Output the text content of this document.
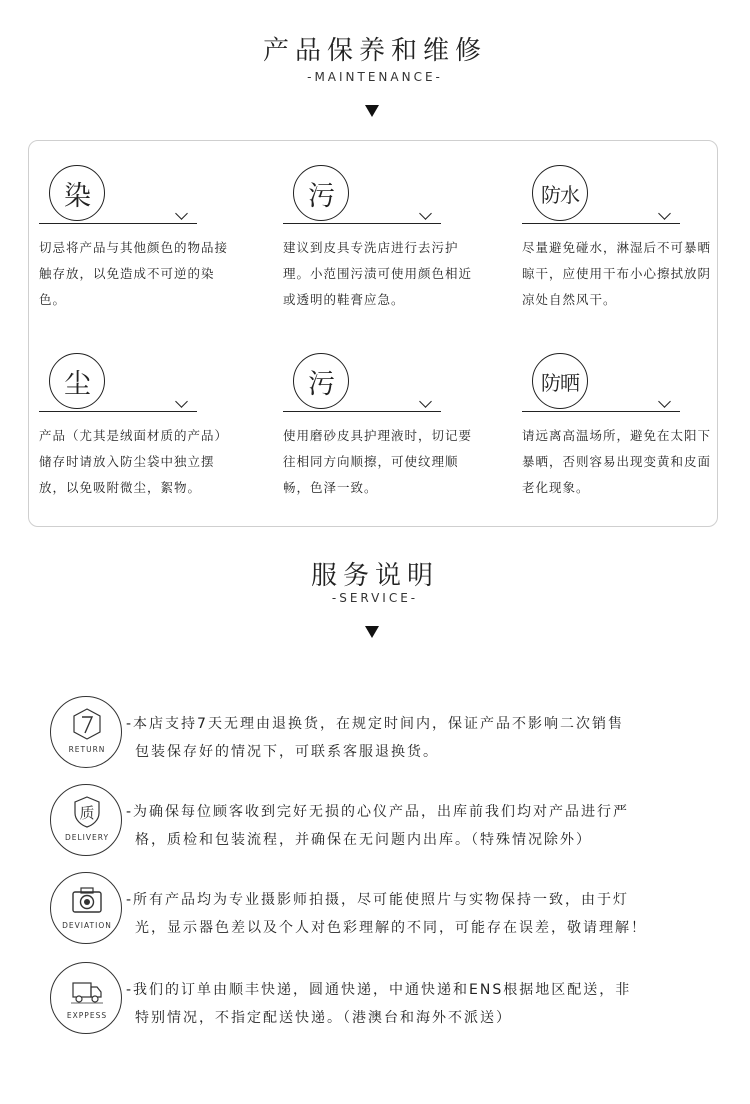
产品保养和维修
-MAINTENANCE-
染
切忌将产品与其他颜色的物品接触存放，以免造成不可逆的染色。
污
建议到皮具专洗店进行去污护理。小范围污渍可使用颜色相近或透明的鞋膏应急。
防水
尽量避免碰水，淋湿后不可暴晒晾干，应使用干布小心擦拭放阴凉处自然风干。
尘
产品（尤其是绒面材质的产品）储存时请放入防尘袋中独立摆放，以免吸附微尘，絮物。
污
使用磨砂皮具护理液时，切记要往相同方向顺擦，可使纹理顺畅，色泽一致。
防晒
请远离高温场所，避免在太阳下暴晒，否则容易出现变黄和皮面老化现象。
服务说明
-SERVICE-
RETURN
-本店支持7天无理由退换货，在规定时间内，保证产品不影响二次销售
包装保存好的情况下，可联系客服退换货。
质
DELIVERY
-为确保每位顾客收到完好无损的心仪产品，出库前我们均对产品进行严
格，质检和包装流程，并确保在无问题内出库。（特殊情况除外）
DEVIATION
-所有产品均为专业摄影师拍摄，尽可能使照片与实物保持一致，由于灯
光，显示器色差以及个人对色彩理解的不同，可能存在误差，敬请理解！
EXPPESS
-我们的订单由顺丰快递，圆通快递，中通快递和ENS根据地区配送，非
特别情况，不指定配送快递。（港澳台和海外不派送）
